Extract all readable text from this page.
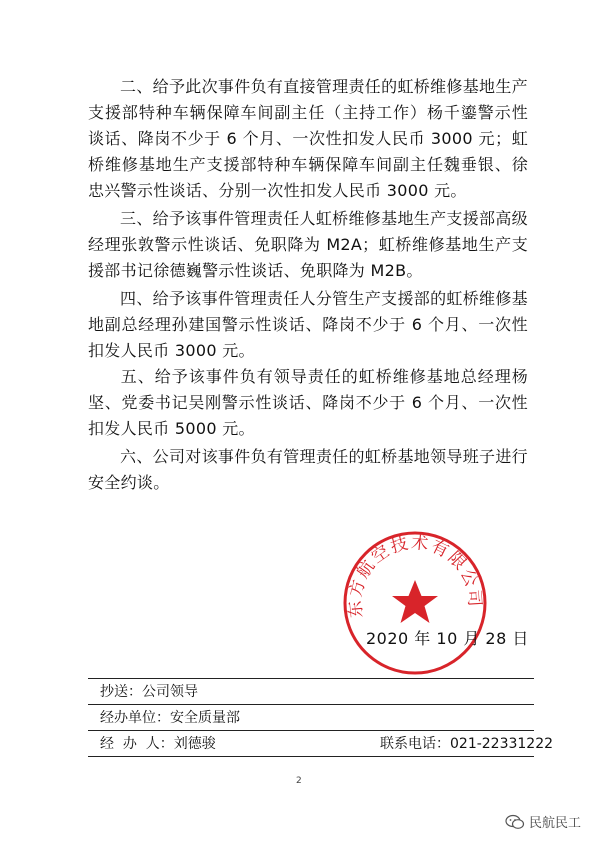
二、给予此次事件负有直接管理责任的虹桥维修基地生产支援部特种车辆保障车间副主任（主持工作）杨千鎏警示性谈话、降岗不少于 6 个月、一次性扣发人民币 3000 元；虹桥维修基地生产支援部特种车辆保障车间副主任魏垂银、徐忠兴警示性谈话、分别一次性扣发人民币 3000 元。

三、给予该事件管理责任人虹桥维修基地生产支援部高级经理张敦警示性谈话、免职降为 M2A；虹桥维修基地生产支援部书记徐德巍警示性谈话、免职降为 M2B。

四、给予该事件管理责任人分管生产支援部的虹桥维修基地副总经理孙建国警示性谈话、降岗不少于 6 个月、一次性扣发人民币 3000 元。

五、给予该事件负有领导责任的虹桥维修基地总经理杨坚、党委书记吴刚警示性谈话、降岗不少于 6 个月、一次性扣发人民币 5000 元。

六、公司对该事件负有管理责任的虹桥基地领导班子进行安全约谈。

东方航空技术有限公司
2020 年 10 月 28 日
抄送：公司领导
经办单位：安全质量部
经  办  人：刘德骏	联系电话：021-22331222
2
民航民工
